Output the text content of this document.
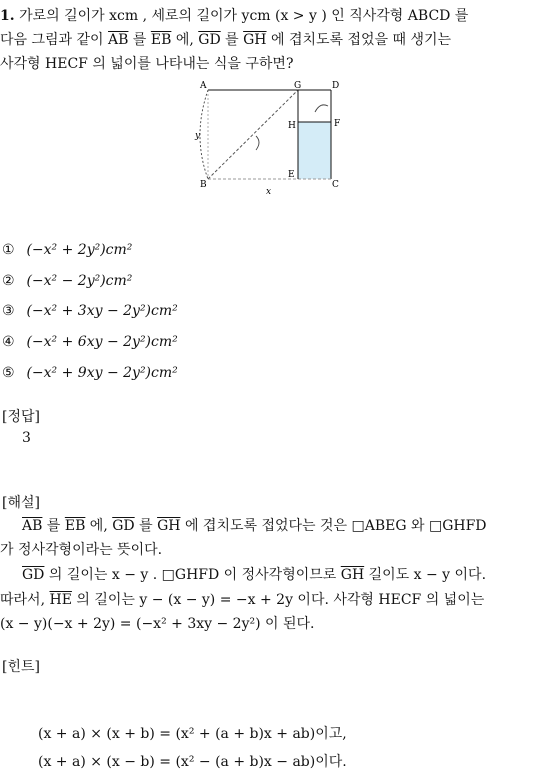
1. 가로의 길이가 xcm , 세로의 길이가 ycm (x > y ) 인 직사각형 ABCD 를
다음 그림과 같이 $\overline{AB}$ 를 $\overline{EB}$ 에, $\overline{GD}$ 를 $\overline{GH}$ 에 겹치도록 접었을 때 생기는
사각형 HECF 의 넓이를 나타내는 식을 구하면?
A	G	D
H	F
E
B	C
y
x
① (−x² + 2y²)cm²
② (−x² − 2y²)cm²
③ (−x² + 3xy − 2y²)cm²
④ (−x² + 6xy − 2y²)cm²
⑤ (−x² + 9xy − 2y²)cm²
[정답]
3
[해설]
$\overline{AB}$ 를 $\overline{EB}$ 에, $\overline{GD}$ 를 $\overline{GH}$ 에 겹치도록 접었다는 것은 □ABEG 와 □GHFD
가 정사각형이라는 뜻이다.
$\overline{GD}$ 의 길이는 x − y . □GHFD 이 정사각형이므로 $\overline{GH}$ 길이도 x − y 이다.
따라서, $\overline{HE}$ 의 길이는 y − (x − y) = −x + 2y 이다. 사각형 HECF 의 넓이는
(x − y)(−x + 2y) = (−x² + 3xy − 2y²) 이 된다.
[힌트]
(x + a) × (x + b) = (x² + (a + b)x + ab)이고,
(x + a) × (x − b) = (x² − (a + b)x − ab)이다.
